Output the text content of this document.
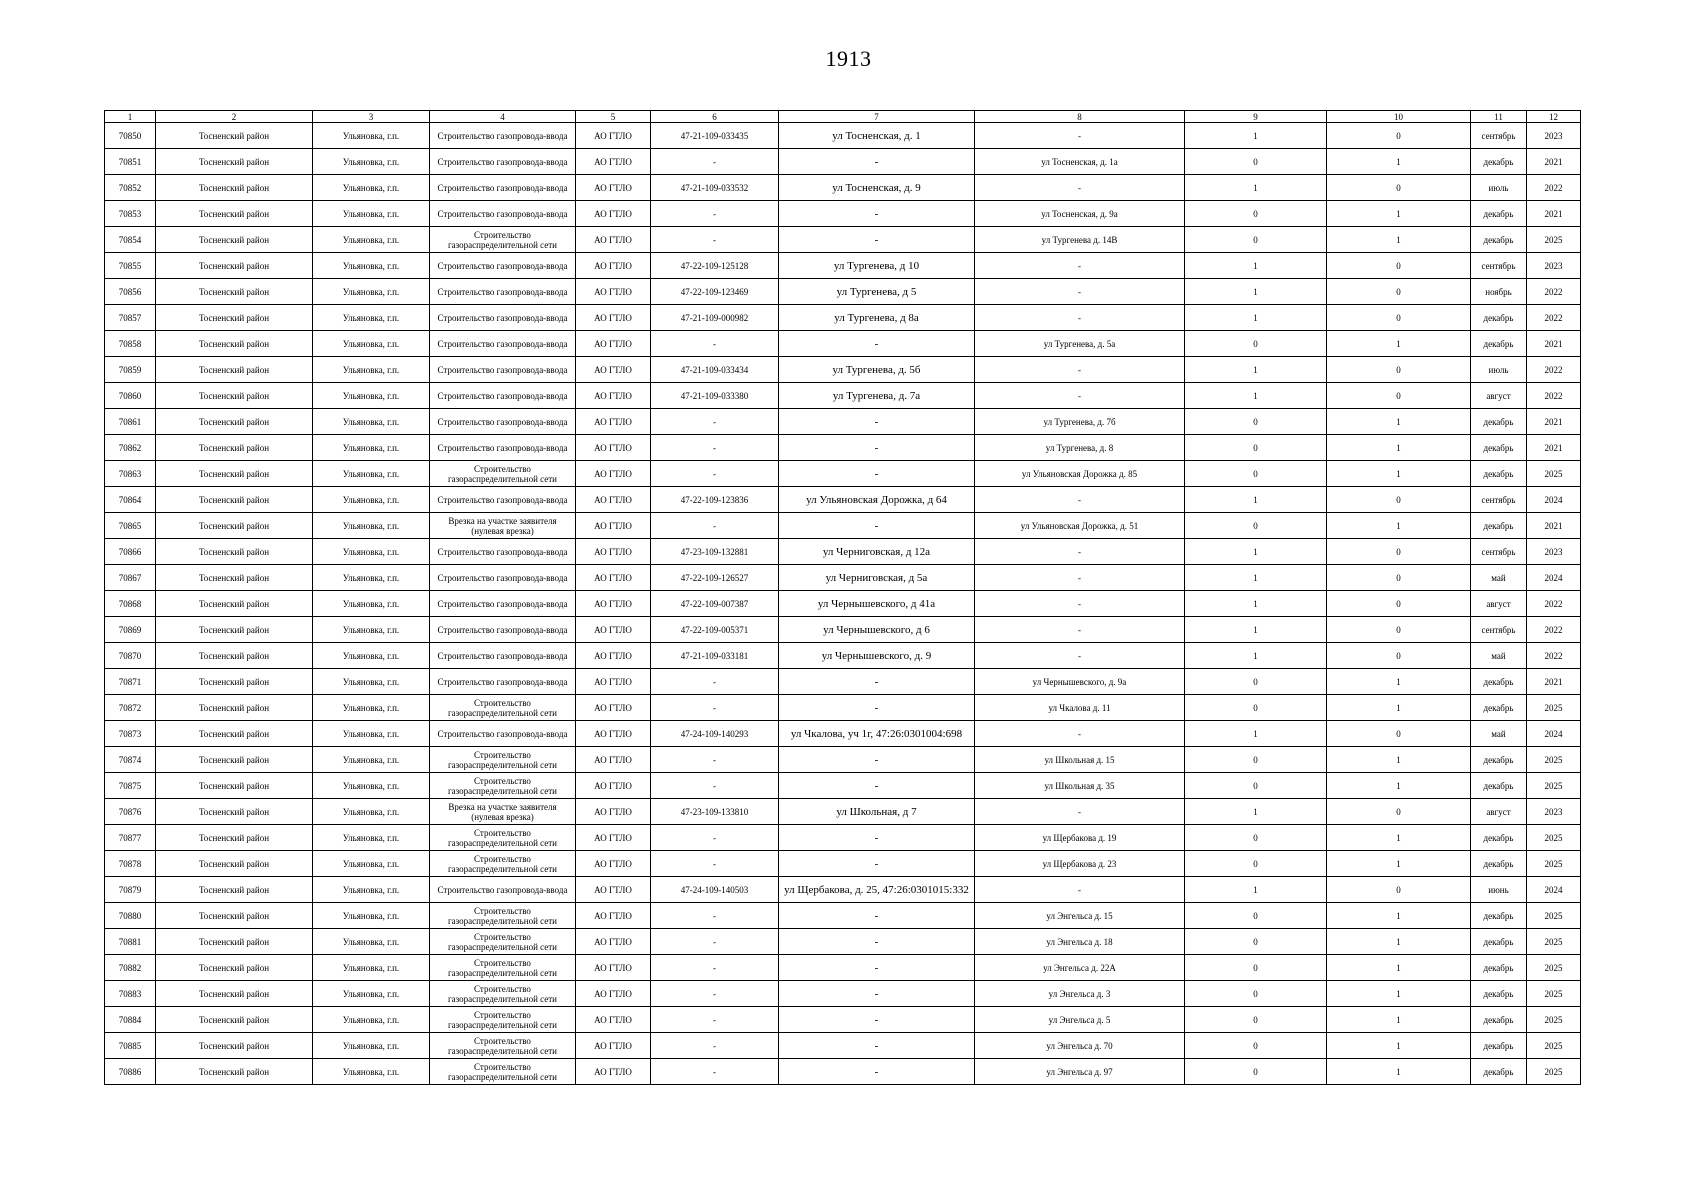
1913
1	2	3	4	5	6	7	8	9	10	11	12
70850	Тосненский район	Ульяновка, г.п.	Строительство газопровода-ввода	АО ГТЛО	47-21-109-033435	ул Тосненская, д. 1	-	1	0	сентябрь	2023
70851	Тосненский район	Ульяновка, г.п.	Строительство газопровода-ввода	АО ГТЛО	-	-	ул Тосненская, д. 1а	0	1	декабрь	2021
70852	Тосненский район	Ульяновка, г.п.	Строительство газопровода-ввода	АО ГТЛО	47-21-109-033532	ул Тосненская, д. 9	-	1	0	июль	2022
70853	Тосненский район	Ульяновка, г.п.	Строительство газопровода-ввода	АО ГТЛО	-	-	ул Тосненская, д. 9а	0	1	декабрь	2021
70854	Тосненский район	Ульяновка, г.п.	Строительство газораспределительной сети	АО ГТЛО	-	-	ул Тургенева д. 14В	0	1	декабрь	2025
70855	Тосненский район	Ульяновка, г.п.	Строительство газопровода-ввода	АО ГТЛО	47-22-109-125128	ул Тургенева, д 10	-	1	0	сентябрь	2023
70856	Тосненский район	Ульяновка, г.п.	Строительство газопровода-ввода	АО ГТЛО	47-22-109-123469	ул Тургенева, д 5	-	1	0	ноябрь	2022
70857	Тосненский район	Ульяновка, г.п.	Строительство газопровода-ввода	АО ГТЛО	47-21-109-000982	ул Тургенева, д 8а	-	1	0	декабрь	2022
70858	Тосненский район	Ульяновка, г.п.	Строительство газопровода-ввода	АО ГТЛО	-	-	ул Тургенева, д. 5а	0	1	декабрь	2021
70859	Тосненский район	Ульяновка, г.п.	Строительство газопровода-ввода	АО ГТЛО	47-21-109-033434	ул Тургенева, д. 5б	-	1	0	июль	2022
70860	Тосненский район	Ульяновка, г.п.	Строительство газопровода-ввода	АО ГТЛО	47-21-109-033380	ул Тургенева, д. 7а	-	1	0	август	2022
70861	Тосненский район	Ульяновка, г.п.	Строительство газопровода-ввода	АО ГТЛО	-	-	ул Тургенева, д. 7б	0	1	декабрь	2021
70862	Тосненский район	Ульяновка, г.п.	Строительство газопровода-ввода	АО ГТЛО	-	-	ул Тургенева, д. 8	0	1	декабрь	2021
70863	Тосненский район	Ульяновка, г.п.	Строительство газораспределительной сети	АО ГТЛО	-	-	ул Ульяновская Дорожка д. 85	0	1	декабрь	2025
70864	Тосненский район	Ульяновка, г.п.	Строительство газопровода-ввода	АО ГТЛО	47-22-109-123836	ул Ульяновская Дорожка, д 64	-	1	0	сентябрь	2024
70865	Тосненский район	Ульяновка, г.п.	Врезка на участке заявителя (нулевая врезка)	АО ГТЛО	-	-	ул Ульяновская Дорожка, д. 51	0	1	декабрь	2021
70866	Тосненский район	Ульяновка, г.п.	Строительство газопровода-ввода	АО ГТЛО	47-23-109-132881	ул Черниговская, д 12а	-	1	0	сентябрь	2023
70867	Тосненский район	Ульяновка, г.п.	Строительство газопровода-ввода	АО ГТЛО	47-22-109-126527	ул Черниговская, д 5а	-	1	0	май	2024
70868	Тосненский район	Ульяновка, г.п.	Строительство газопровода-ввода	АО ГТЛО	47-22-109-007387	ул Чернышевского, д 41а	-	1	0	август	2022
70869	Тосненский район	Ульяновка, г.п.	Строительство газопровода-ввода	АО ГТЛО	47-22-109-005371	ул Чернышевского, д 6	-	1	0	сентябрь	2022
70870	Тосненский район	Ульяновка, г.п.	Строительство газопровода-ввода	АО ГТЛО	47-21-109-033181	ул Чернышевского, д. 9	-	1	0	май	2022
70871	Тосненский район	Ульяновка, г.п.	Строительство газопровода-ввода	АО ГТЛО	-	-	ул Чернышевского, д. 9а	0	1	декабрь	2021
70872	Тосненский район	Ульяновка, г.п.	Строительство газораспределительной сети	АО ГТЛО	-	-	ул Чкалова д. 11	0	1	декабрь	2025
70873	Тосненский район	Ульяновка, г.п.	Строительство газопровода-ввода	АО ГТЛО	47-24-109-140293	ул Чкалова, уч 1г, 47:26:0301004:698	-	1	0	май	2024
70874	Тосненский район	Ульяновка, г.п.	Строительство газораспределительной сети	АО ГТЛО	-	-	ул Школьная д. 15	0	1	декабрь	2025
70875	Тосненский район	Ульяновка, г.п.	Строительство газораспределительной сети	АО ГТЛО	-	-	ул Школьная д. 35	0	1	декабрь	2025
70876	Тосненский район	Ульяновка, г.п.	Врезка на участке заявителя (нулевая врезка)	АО ГТЛО	47-23-109-133810	ул Школьная, д 7	-	1	0	август	2023
70877	Тосненский район	Ульяновка, г.п.	Строительство газораспределительной сети	АО ГТЛО	-	-	ул Щербакова д. 19	0	1	декабрь	2025
70878	Тосненский район	Ульяновка, г.п.	Строительство газораспределительной сети	АО ГТЛО	-	-	ул Щербакова д. 23	0	1	декабрь	2025
70879	Тосненский район	Ульяновка, г.п.	Строительство газопровода-ввода	АО ГТЛО	47-24-109-140503	ул Щербакова, д. 25, 47:26:0301015:332	-	1	0	июнь	2024
70880	Тосненский район	Ульяновка, г.п.	Строительство газораспределительной сети	АО ГТЛО	-	-	ул Энгельса д. 15	0	1	декабрь	2025
70881	Тосненский район	Ульяновка, г.п.	Строительство газораспределительной сети	АО ГТЛО	-	-	ул Энгельса д. 18	0	1	декабрь	2025
70882	Тосненский район	Ульяновка, г.п.	Строительство газораспределительной сети	АО ГТЛО	-	-	ул Энгельса д. 22А	0	1	декабрь	2025
70883	Тосненский район	Ульяновка, г.п.	Строительство газораспределительной сети	АО ГТЛО	-	-	ул Энгельса д. 3	0	1	декабрь	2025
70884	Тосненский район	Ульяновка, г.п.	Строительство газораспределительной сети	АО ГТЛО	-	-	ул Энгельса д. 5	0	1	декабрь	2025
70885	Тосненский район	Ульяновка, г.п.	Строительство газораспределительной сети	АО ГТЛО	-	-	ул Энгельса д. 70	0	1	декабрь	2025
70886	Тосненский район	Ульяновка, г.п.	Строительство газораспределительной сети	АО ГТЛО	-	-	ул Энгельса д. 97	0	1	декабрь	2025
